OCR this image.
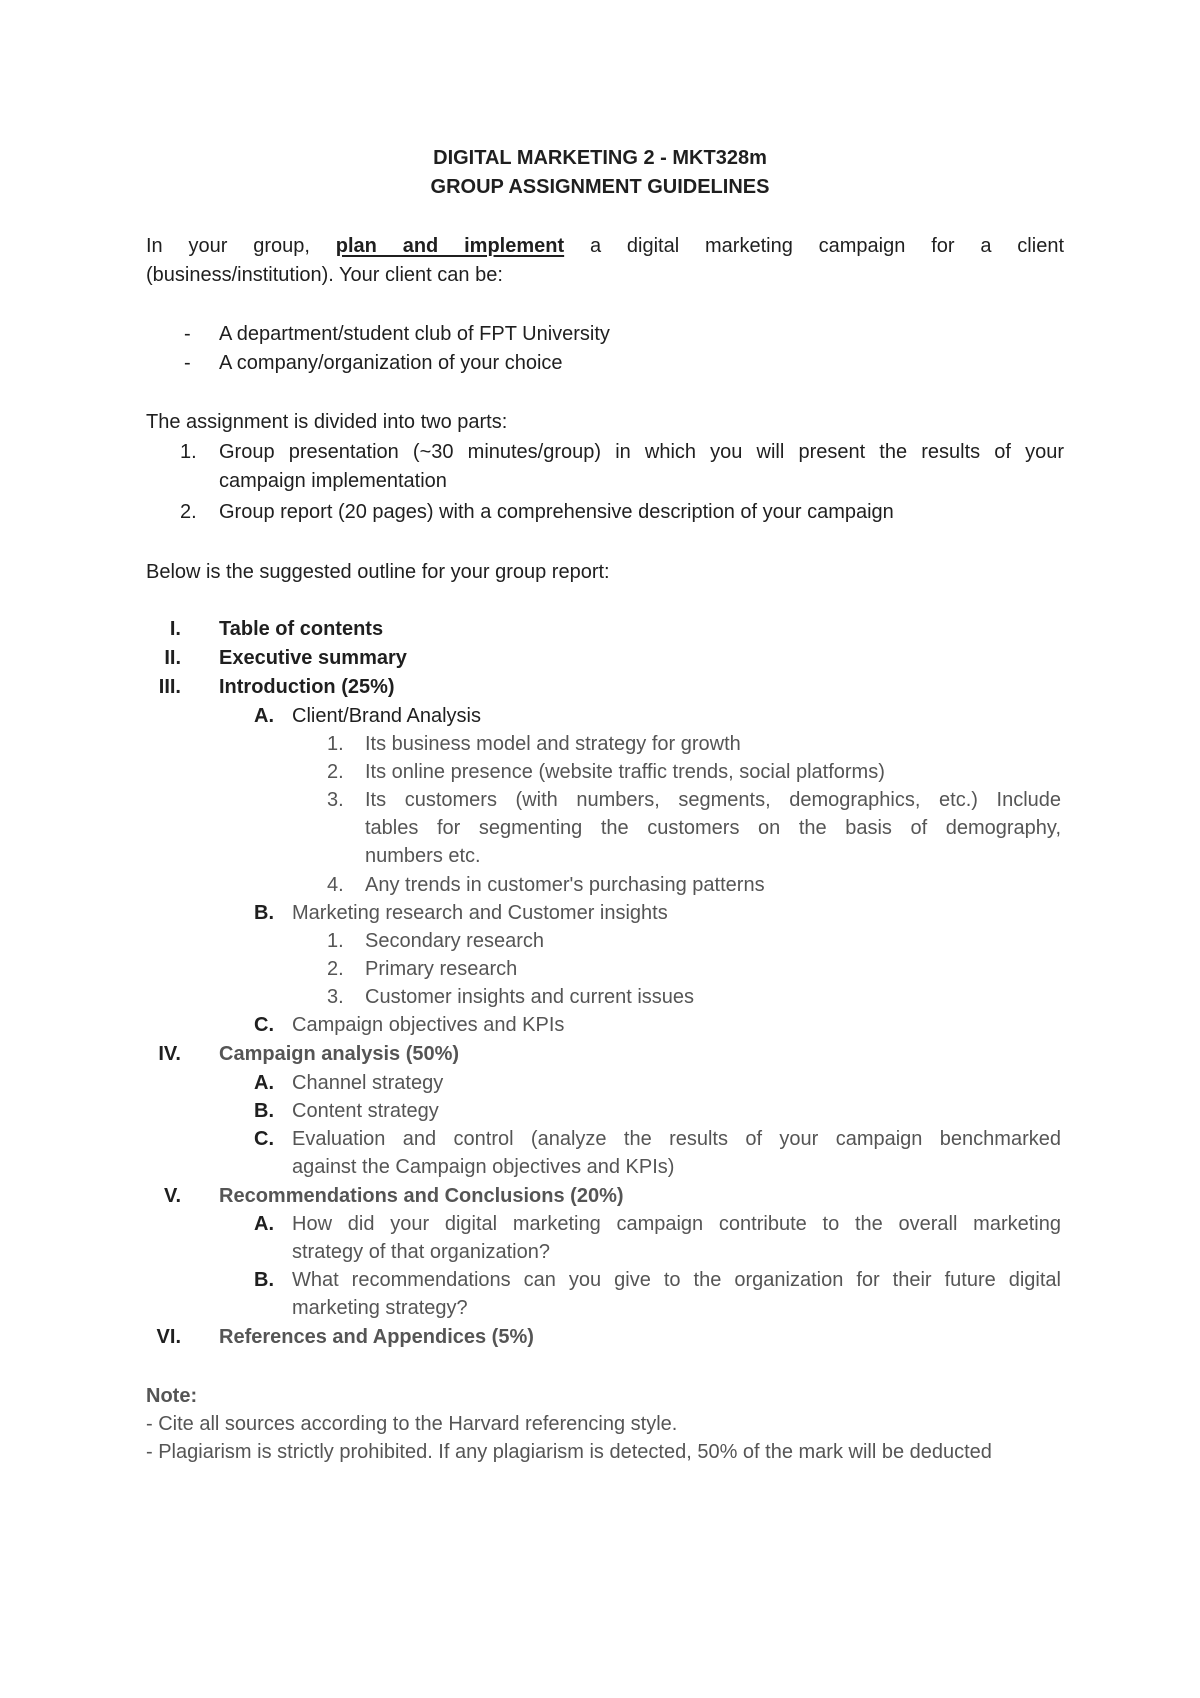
DIGITAL MARKETING 2 - MKT328m
GROUP ASSIGNMENT GUIDELINES
In your group, plan and implement a digital marketing campaign for a client
(business/institution). Your client can be:
- A department/student club of FPT University
- A company/organization of your choice
The assignment is divided into two parts:
1. Group presentation (~30 minutes/group) in which you will present the results of your
campaign implementation
2. Group report (20 pages) with a comprehensive description of your campaign
Below is the suggested outline for your group report:
I. Table of contents
II. Executive summary
III. Introduction (25%)
A. Client/Brand Analysis
1. Its business model and strategy for growth
2. Its online presence (website traffic trends, social platforms)
3. Its customers (with numbers, segments, demographics, etc.) Include
tables for segmenting the customers on the basis of demography,
numbers etc.
4. Any trends in customer's purchasing patterns
B. Marketing research and Customer insights
1. Secondary research
2. Primary research
3. Customer insights and current issues
C. Campaign objectives and KPIs
IV. Campaign analysis (50%)
A. Channel strategy
B. Content strategy
C. Evaluation and control (analyze the results of your campaign benchmarked
against the Campaign objectives and KPIs)
V. Recommendations and Conclusions (20%)
A. How did your digital marketing campaign contribute to the overall marketing
strategy of that organization?
B. What recommendations can you give to the organization for their future digital
marketing strategy?
VI. References and Appendices (5%)
Note:
- Cite all sources according to the Harvard referencing style.
- Plagiarism is strictly prohibited. If any plagiarism is detected, 50% of the mark will be deducted
